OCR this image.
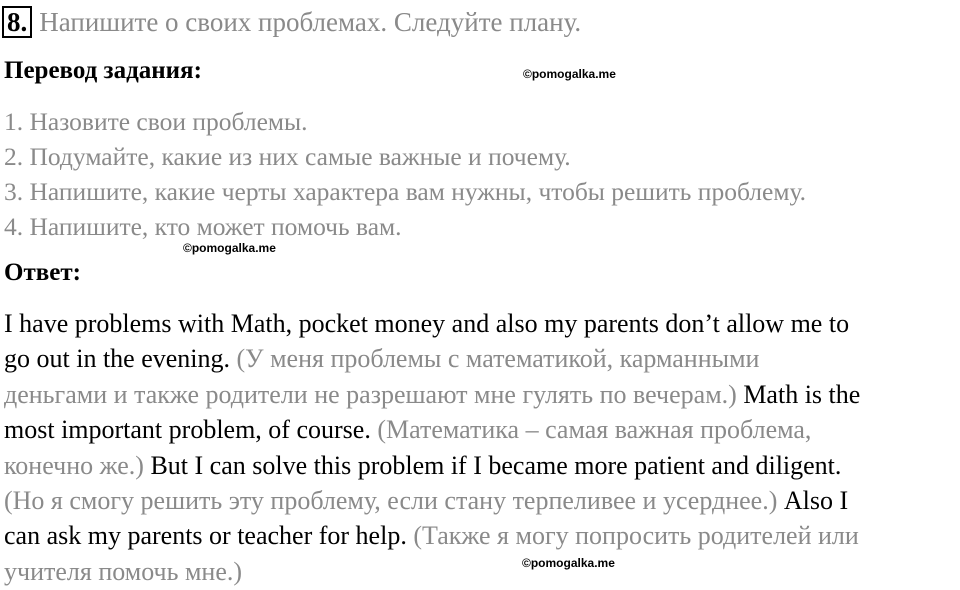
8. Напишите о своих проблемах. Следуйте плану.
Перевод задания:	©pomogalka.me
1. Назовите свои проблемы.
2. Подумайте, какие из них самые важные и почему.
3. Напишите, какие черты характера вам нужны, чтобы решить проблему.
4. Напишите, кто может помочь вам.
©pomogalka.me
Ответ:
I have problems with Math, pocket money and also my parents don’t allow me to
go out in the evening. (У меня проблемы с математикой, карманными
деньгами и также родители не разрешают мне гулять по вечерам.) Math is the
most important problem, of course. (Математика – самая важная проблема,
конечно же.) But I can solve this problem if I became more patient and diligent.
(Но я смогу решить эту проблему, если стану терпеливее и усерднее.) Also I
can ask my parents or teacher for help. (Также я могу попросить родителей или
учителя помочь мне.)	©pomogalka.me
